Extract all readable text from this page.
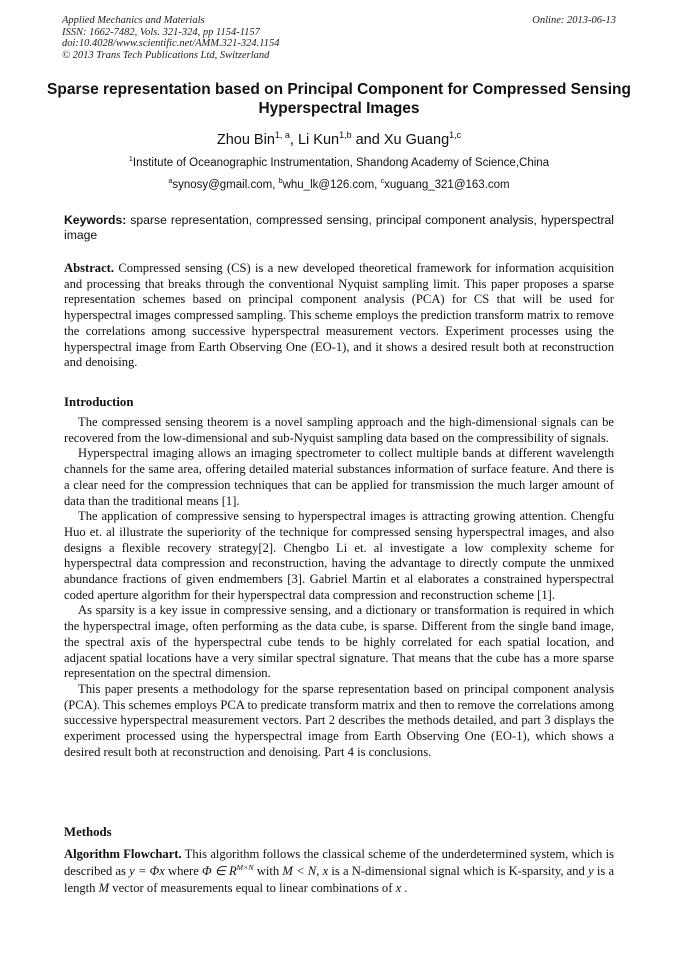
Applied Mechanics and Materials
ISSN: 1662-7482, Vols. 321-324, pp 1154-1157
doi:10.4028/www.scientific.net/AMM.321-324.1154
© 2013 Trans Tech Publications Ltd, Switzerland
Online: 2013-06-13
Sparse representation based on Principal Component for Compressed Sensing Hyperspectral Images
Zhou Bin$^{1, a}$, Li Kun$^{1,b}$ and Xu Guang$^{1,c}$
$^1$Institute of Oceanographic Instrumentation, Shandong Academy of Science,China
$^a$synosy@gmail.com, $^b$whu_lk@126.com, $^c$xuguang_321@163.com
Keywords: sparse representation, compressed sensing, principal component analysis, hyperspectral image
Abstract. Compressed sensing (CS) is a new developed theoretical framework for information acquisition and processing that breaks through the conventional Nyquist sampling limit. This paper proposes a sparse representation schemes based on principal component analysis (PCA) for CS that will be used for hyperspectral images compressed sampling. This scheme employs the prediction transform matrix to remove the correlations among successive hyperspectral measurement vectors. Experiment processes using the hyperspectral image from Earth Observing One (EO-1), and it shows a desired result both at reconstruction and denoising.
Introduction

The compressed sensing theorem is a novel sampling approach and the high-dimensional signals can be recovered from the low-dimensional and sub-Nyquist sampling data based on the compressibility of signals.

Hyperspectral imaging allows an imaging spectrometer to collect multiple bands at different wavelength channels for the same area, offering detailed material substances information of surface feature. And there is a clear need for the compression techniques that can be applied for transmission the much larger amount of data than the traditional means [1].

The application of compressive sensing to hyperspectral images is attracting growing attention. Chengfu Huo et. al illustrate the superiority of the technique for compressed sensing hyperspectral images, and also designs a flexible recovery strategy[2]. Chengbo Li et. al investigate a low complexity scheme for hyperspectral data compression and reconstruction, having the advantage to directly compute the unmixed abundance fractions of given endmembers [3]. Gabriel Martin et al elaborates a constrained hyperspectral coded aperture algorithm for their hyperspectral data compression and reconstruction scheme [1].

As sparsity is a key issue in compressive sensing, and a dictionary or transformation is required in which the hyperspectral image, often performing as the data cube, is sparse. Different from the single band image, the spectral axis of the hyperspectral cube tends to be highly correlated for each spatial location, and adjacent spatial locations have a very similar spectral signature. That means that the cube has a more sparse representation on the spectral dimension.

This paper presents a methodology for the sparse representation based on principal component analysis (PCA). This schemes employs PCA to predicate transform matrix and then to remove the correlations among successive hyperspectral measurement vectors. Part 2 describes the methods detailed, and part 3 displays the experiment processed using the hyperspectral image from Earth Observing One (EO-1), which shows a desired result both at reconstruction and denoising. Part 4 is conclusions.

Methods
Algorithm Flowchart. This algorithm follows the classical scheme of the underdetermined system, which is described as y = Φx where Φ ∈ $R^{M\times N}$ with M < N, x is a N-dimensional signal which is K-sparsity, and y is a length M vector of measurements equal to linear combinations of x .
